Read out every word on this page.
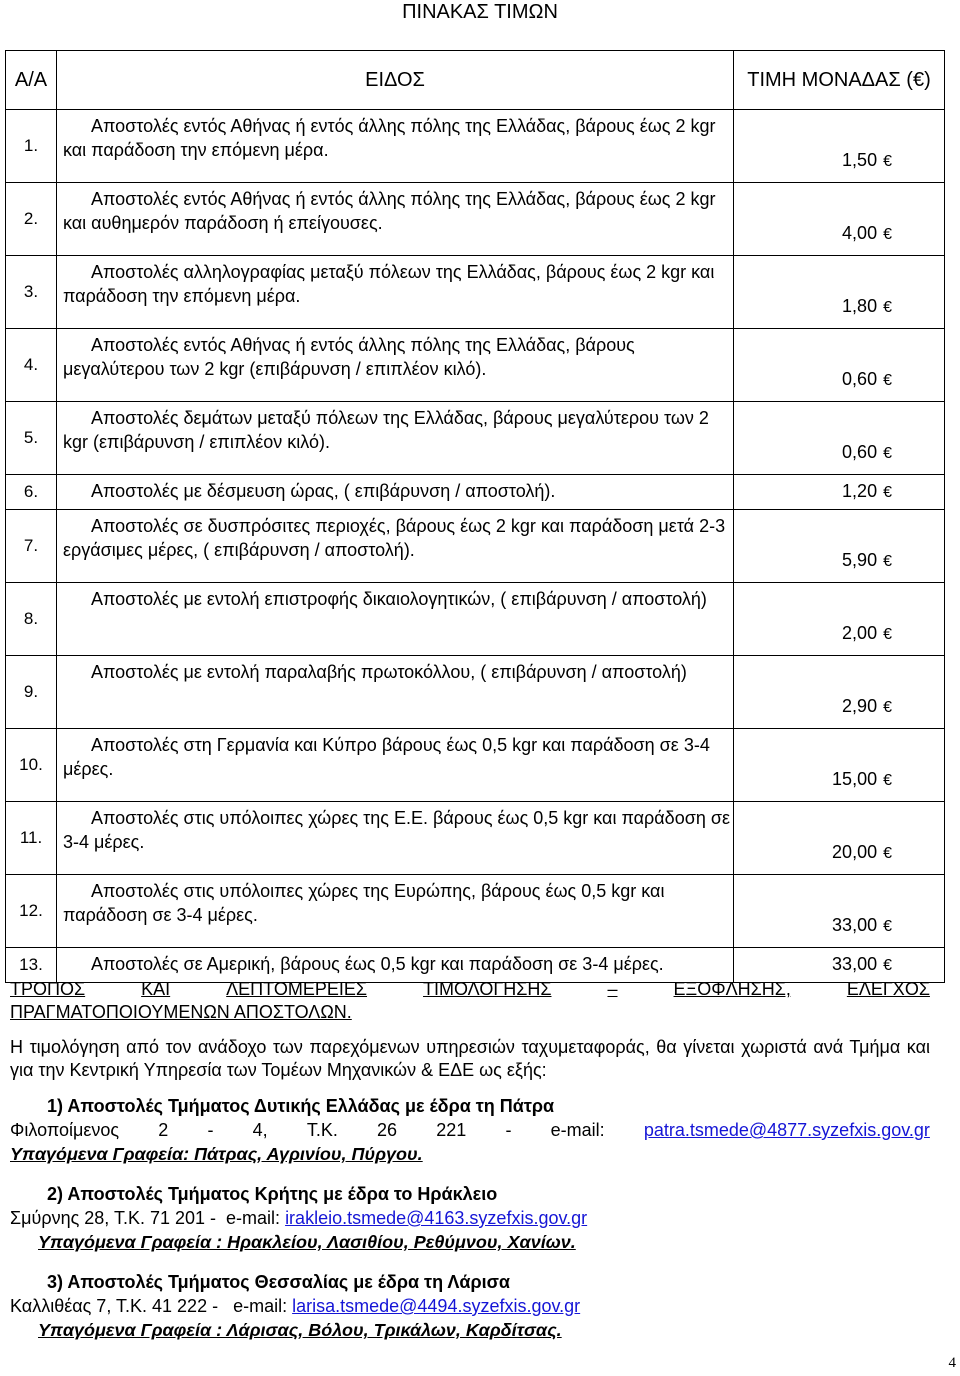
ΠΙΝΑΚΑΣ ΤΙΜΩΝ
Α/Α	ΕΙΔΟΣ	ΤΙΜΗ ΜΟΝΑΔΑΣ (€)
1.	Αποστολές εντός Αθήνας ή εντός άλλης πόλης της Ελλάδας, βάρους έως 2 kgr και παράδοση την επόμενη μέρα.	1,50 €
2.	Αποστολές εντός Αθήνας ή εντός άλλης πόλης της Ελλάδας, βάρους έως 2 kgr και αυθημερόν παράδοση ή επείγουσες.	4,00 €
3.	Αποστολές αλληλογραφίας μεταξύ πόλεων της Ελλάδας, βάρους έως 2 kgr και παράδοση την επόμενη μέρα.	1,80 €
4.	Αποστολές εντός Αθήνας ή εντός άλλης πόλης της Ελλάδας, βάρους μεγαλύτερου των 2 kgr (επιβάρυνση / επιπλέον κιλό).	0,60 €
5.	Αποστολές δεμάτων μεταξύ πόλεων της Ελλάδας, βάρους μεγαλύτερου των 2 kgr (επιβάρυνση / επιπλέον κιλό).	0,60 €
6.	Αποστολές με δέσμευση ώρας, ( επιβάρυνση / αποστολή).	1,20 €
7.	Αποστολές σε δυσπρόσιτες περιοχές, βάρους έως 2 kgr και παράδοση μετά 2-3 εργάσιμες μέρες, ( επιβάρυνση / αποστολή).	5,90 €
8.	Αποστολές με εντολή επιστροφής δικαιολογητικών, ( επιβάρυνση / αποστολή)	2,00 €
9.	Αποστολές με εντολή παραλαβής πρωτοκόλλου, ( επιβάρυνση / αποστολή)	2,90 €
10.	Αποστολές στη Γερμανία και Κύπρο βάρους έως 0,5 kgr και παράδοση σε 3-4 μέρες.	15,00 €
11.	Αποστολές στις υπόλοιπες χώρες της Ε.Ε. βάρους έως 0,5 kgr και παράδοση σε 3-4 μέρες.	20,00 €
12.	Αποστολές στις υπόλοιπες χώρες της Ευρώπης, βάρους έως 0,5 kgr και παράδοση σε 3-4 μέρες.	33,00 €
13.	Αποστολές σε Αμερική, βάρους έως 0,5 kgr και παράδοση σε 3-4 μέρες.	33,00 €
ΤΡΟΠΟΣ	ΚΑΙ	ΛΕΠΤΟΜΕΡΕΙΕΣ	ΤΙΜΟΛΟΓΗΣΗΣ	–	ΕΞΟΦΛΗΣΗΣ,	ΕΛΕΓΧΟΣ
ΠΡΑΓΜΑΤΟΠΟΙΟΥΜΕΝΩΝ ΑΠΟΣΤΟΛΩΝ.
Η τιμολόγηση από τον ανάδοχο των παρεχόμενων υπηρεσιών ταχυμεταφοράς, θα γίνεται χωριστά ανά Τμήμα και για την Κεντρική Υπηρεσία των Τομέων Μηχανικών & ΕΔΕ ως εξής:
1) Αποστολές Τμήματος Δυτικής Ελλάδας με έδρα τη Πάτρα
Φιλοποίμενος 2 - 4, Τ.Κ. 26 221 - e-mail: patra.tsmede@4877.syzefxis.gov.gr
Υπαγόμενα Γραφεία: Πάτρας, Αγρινίου, Πύργου.
2) Αποστολές Τμήματος Κρήτης με έδρα το Ηράκλειο
Σμύρνης 28, Τ.Κ. 71 201 -  e-mail: irakleio.tsmede@4163.syzefxis.gov.gr
Υπαγόμενα Γραφεία : Ηρακλείου, Λασιθίου, Ρεθύμνου, Χανίων.
3) Αποστολές Τμήματος Θεσσαλίας με έδρα τη Λάρισα
Καλλιθέας 7, Τ.Κ. 41 222 -   e-mail: larisa.tsmede@4494.syzefxis.gov.gr
Υπαγόμενα Γραφεία : Λάρισας, Βόλου, Τρικάλων, Καρδίτσας.
4
